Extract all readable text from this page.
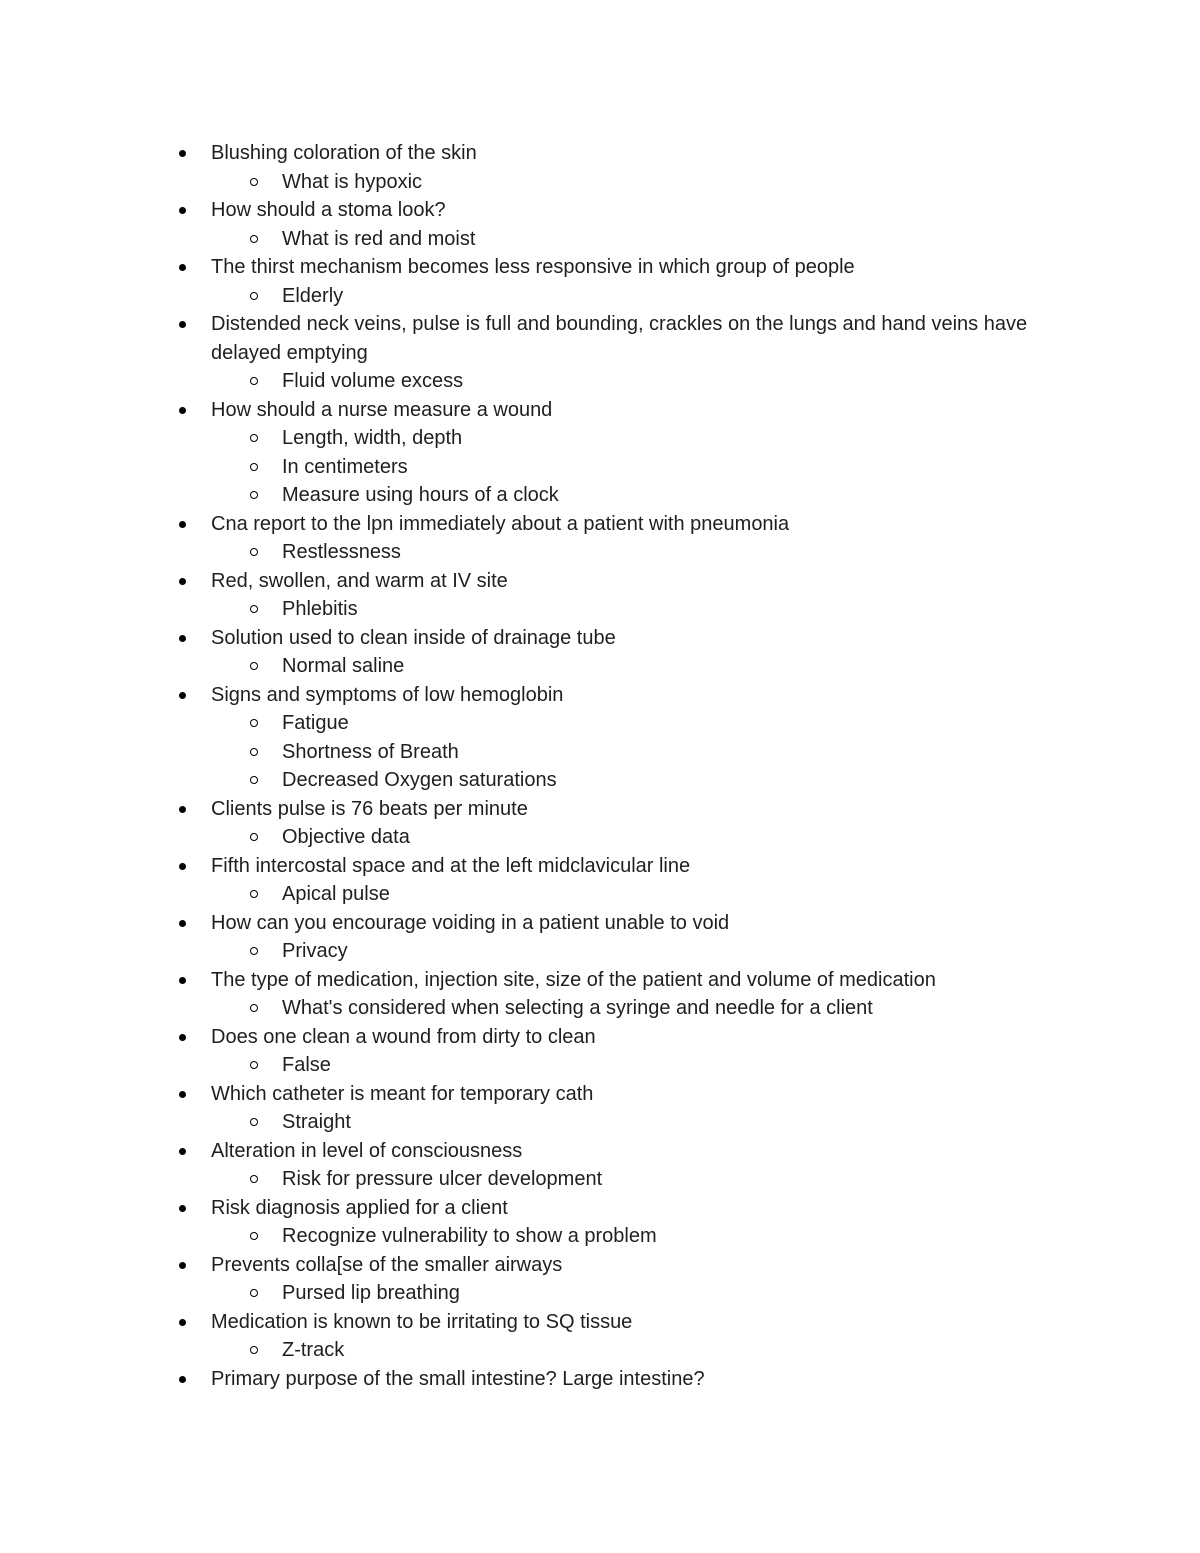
Blushing coloration of the skin
What is hypoxic
How should a stoma look?
What is red and moist
The thirst mechanism becomes less responsive in which group of people
Elderly
Distended neck veins, pulse is full and bounding, crackles on the lungs and hand veins have delayed emptying
Fluid volume excess
How should a nurse measure a wound
Length, width, depth
In centimeters
Measure using hours of a clock
Cna report to the lpn immediately about a patient with pneumonia
Restlessness
Red, swollen, and warm at IV site
Phlebitis
Solution used to clean inside of drainage tube
Normal saline
Signs and symptoms of low hemoglobin
Fatigue
Shortness of Breath
Decreased Oxygen saturations
Clients pulse is 76 beats per minute
Objective data
Fifth intercostal space and at the left midclavicular line
Apical pulse
How can you encourage voiding in a patient unable to void
Privacy
The type of medication, injection site, size of the patient and volume of medication
What's considered when selecting a syringe and needle for a client
Does one clean a wound from dirty to clean
False
Which catheter is meant for temporary cath
Straight
Alteration in level of consciousness
Risk for pressure ulcer development
Risk diagnosis applied for a client
Recognize vulnerability to show a problem
Prevents colla[se of the smaller airways
Pursed lip breathing
Medication is known to be irritating to SQ tissue
Z-track
Primary purpose of the small intestine? Large intestine?
